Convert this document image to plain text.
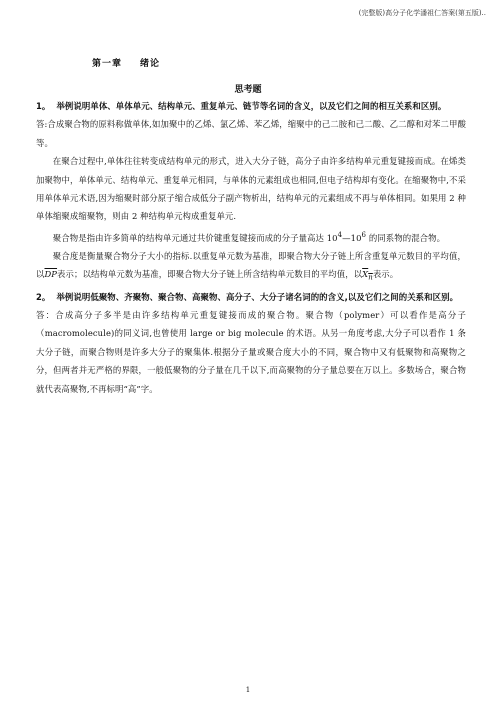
(完整版)高分子化学潘祖仁答案(第五版)..
第一章 绪论
思考题

1。 举例说明单体、单体单元、结构单元、重复单元、链节等名词的含义，以及它们之间的相互关系和区别。

答:合成聚合物的原料称做单体,如加聚中的乙烯、氯乙烯、苯乙烯，缩聚中的己二胺和己二酸、乙二醇和对苯二甲酸等。

在聚合过程中,单体往往转变成结构单元的形式，进入大分子链，高分子由许多结构单元重复键接而成。在烯类加聚物中，单体单元、结构单元、重复单元相同，与单体的元素组成也相同,但电子结构却有变化。在缩聚物中,不采用单体单元术语,因为缩聚时部分原子缩合成低分子副产物析出，结构单元的元素组成不再与单体相同。如果用 2 种单体缩聚成缩聚物，则由 2 种结构单元构成重复单元.

聚合物是指由许多简单的结构单元通过共价键重复键接而成的分子量高达 $10^4—10^6$ 的同系物的混合物。

聚合度是衡量聚合物分子大小的指标.以重复单元数为基准，即聚合物大分子链上所含重复单元数目的平均值，以$\overline{DP}$表示；以结构单元数为基准，即聚合物大分子链上所含结构单元数目的平均值，以$X_n$表示。

2。 举例说明低聚物、齐聚物、聚合物、高聚物、高分子、大分子诸名词的的含义,以及它们之间的关系和区别。

答：合成高分子多半是由许多结构单元重复键接而成的聚合物。聚合物（polymer）可以看作是高分子（macromolecule)的同义词,也曾使用 large or big molecule 的术语。从另一角度考虑,大分子可以看作 1 条大分子链，而聚合物则是许多大分子的聚集体.根据分子量或聚合度大小的不同，聚合物中又有低聚物和高聚物之分，但两者并无严格的界限，一般低聚物的分子量在几千以下,而高聚物的分子量总要在万以上。多数场合，聚合物就代表高聚物,不再标明“高”字。

1
